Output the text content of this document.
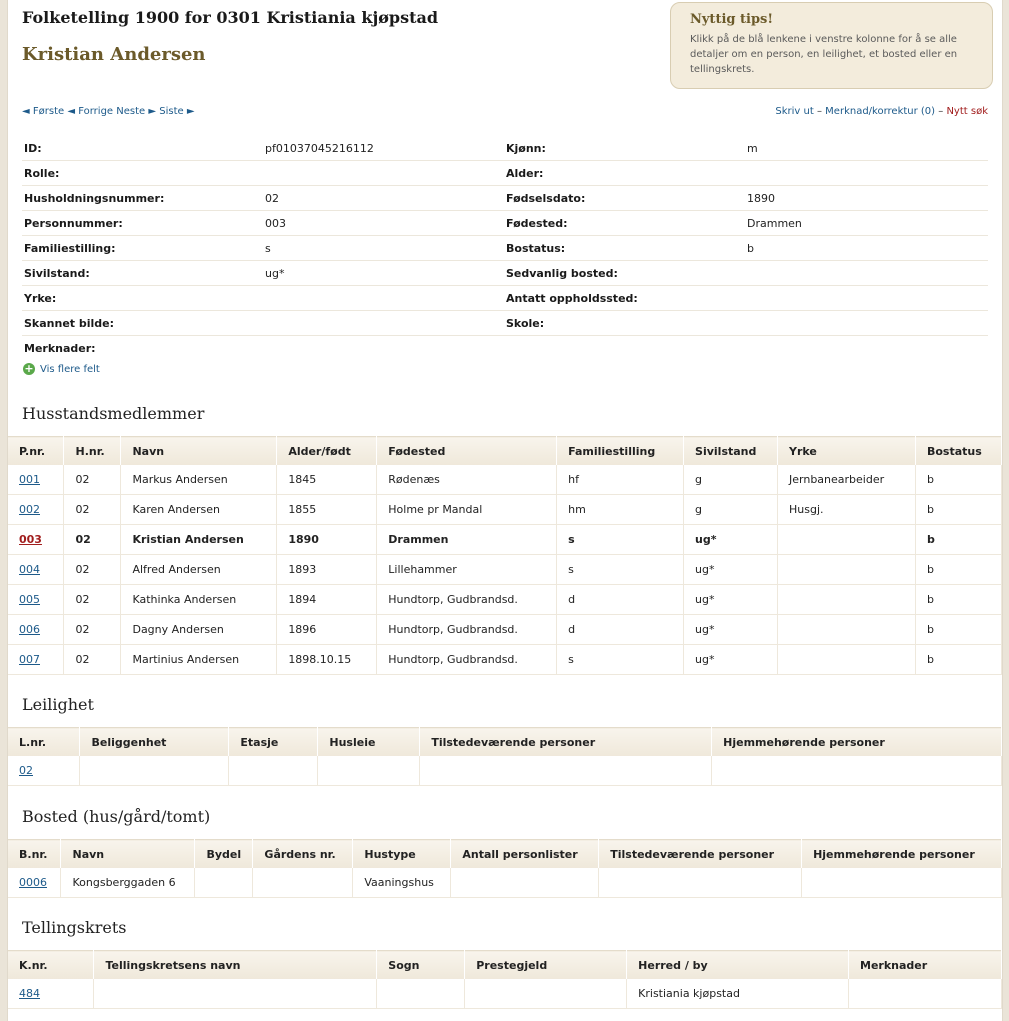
Folketelling 1900 for 0301 Kristiania kjøpstad
Kristian Andersen
Nyttig tips!
Klikk på de blå lenkene i venstre kolonne for å se alle detaljer om en person, en leilighet, et bosted eller en tellingskrets.
◄ Første ◄ Forrige Neste ► Siste ►	Skriv ut – Merknad/korrektur (0) – Nytt søk
ID:	pf01037045216112	Kjønn:	m
Rolle:		Alder:	
Husholdningsnummer:	02	Fødselsdato:	1890
Personnummer:	003	Fødested:	Drammen
Familiestilling:	s	Bostatus:	b
Sivilstand:	ug*	Sedvanlig bosted:	
Yrke:		Antatt oppholdssted:	
Skannet bilde:		Skole:	
Merknader:			
+ Vis flere felt
Husstandsmedlemmer
P.nr.	H.nr.	Navn	Alder/født	Fødested	Familiestilling	Sivilstand	Yrke	Bostatus
001	02	Markus Andersen	1845	Rødenæs	hf	g	Jernbanearbeider	b
002	02	Karen Andersen	1855	Holme pr Mandal	hm	g	Husgj.	b
003	02	Kristian Andersen	1890	Drammen	s	ug*		b
004	02	Alfred Andersen	1893	Lillehammer	s	ug*		b
005	02	Kathinka Andersen	1894	Hundtorp, Gudbrandsd.	d	ug*		b
006	02	Dagny Andersen	1896	Hundtorp, Gudbrandsd.	d	ug*		b
007	02	Martinius Andersen	1898.10.15	Hundtorp, Gudbrandsd.	s	ug*		b
Leilighet
L.nr.	Beliggenhet	Etasje	Husleie	Tilstedeværende personer	Hjemmehørende personer
02					
Bosted (hus/gård/tomt)
B.nr.	Navn	Bydel	Gårdens nr.	Hustype	Antall personlister	Tilstedeværende personer	Hjemmehørende personer
0006	Kongsberggaden 6			Vaaningshus			
Tellingskrets
K.nr.	Tellingskretsens navn	Sogn	Prestegjeld	Herred / by	Merknader
484				Kristiania kjøpstad	
